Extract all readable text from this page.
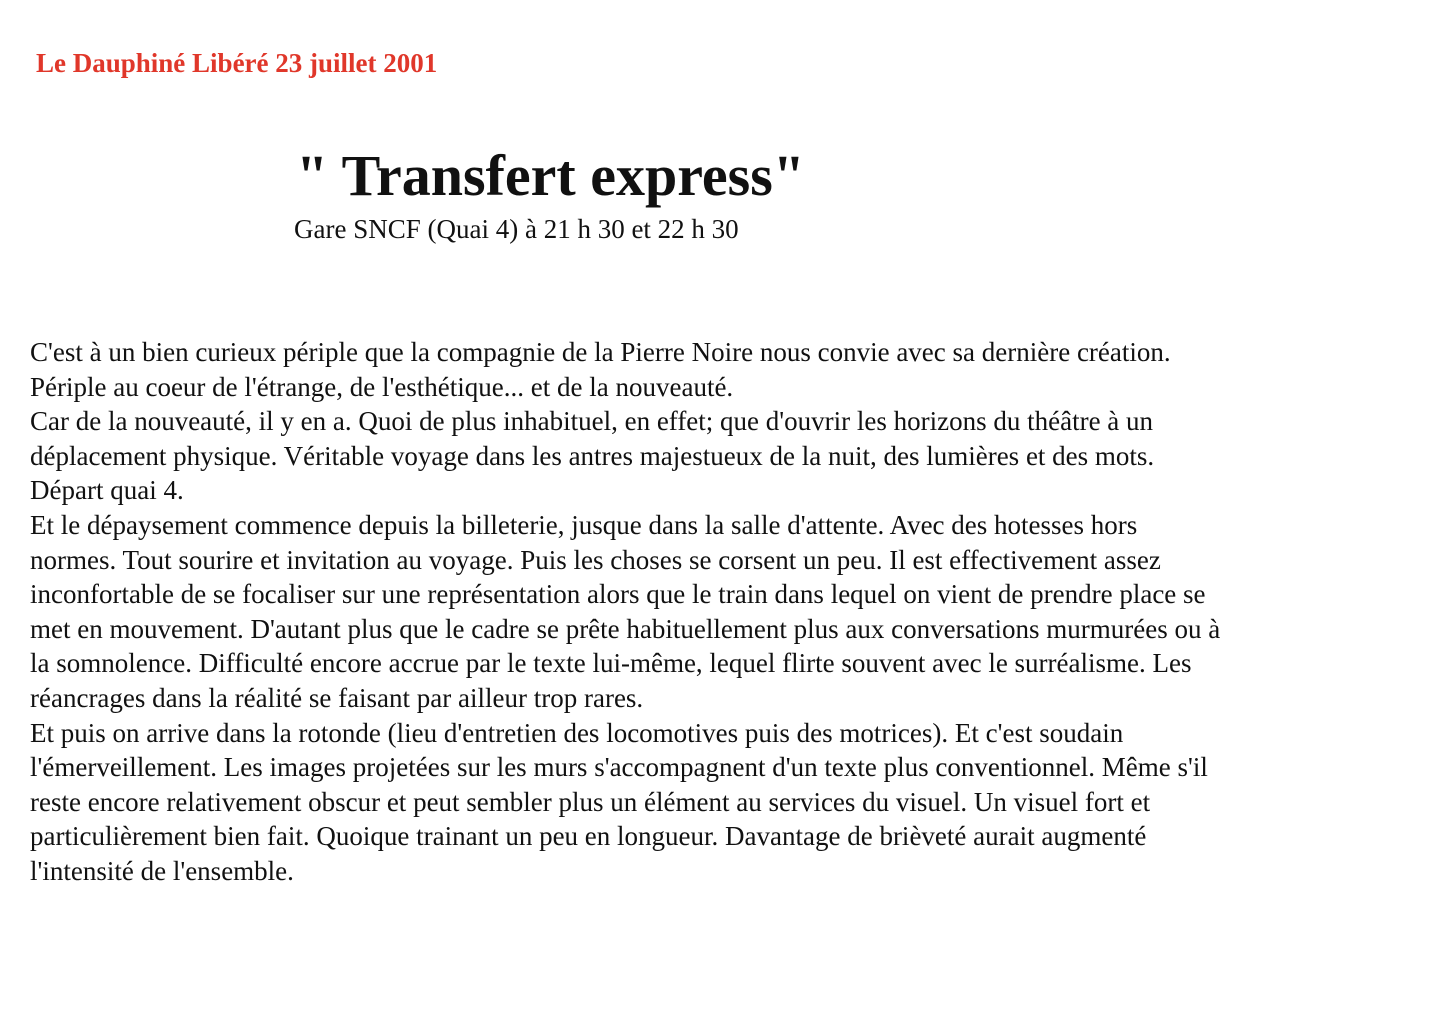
Le Dauphiné Libéré 23 juillet 2001
" Transfert express"
Gare SNCF (Quai 4) à 21 h 30 et 22 h 30

C'est à un bien curieux périple que la compagnie de la Pierre Noire nous convie avec sa dernière création. Périple au coeur de l'étrange, de l'esthétique... et de la nouveauté.

Car de la nouveauté, il y en a. Quoi de plus inhabituel, en effet; que d'ouvrir les horizons du théâtre à un déplacement physique. Véritable voyage dans les antres majestueux de la nuit, des lumières et des mots. Départ quai 4.

Et le dépaysement commence depuis la billeterie, jusque dans la salle d'attente. Avec des hotesses hors normes. Tout sourire et invitation au voyage. Puis les choses se corsent un peu. Il est effectivement assez inconfortable de se focaliser sur une représentation alors que le train dans lequel on vient de prendre place se met en mouvement. D'autant plus que le cadre se prête habituellement plus aux conversations murmurées ou à la somnolence. Difficulté encore accrue par le texte lui-même, lequel flirte souvent avec le surréalisme. Les réancrages dans la réalité se faisant par ailleur trop rares.

Et puis on arrive dans la rotonde (lieu d'entretien des locomotives puis des motrices). Et c'est soudain l'émerveillement. Les images projetées sur les murs s'accompagnent d'un texte plus conventionnel. Même s'il reste encore relativement obscur et peut sembler plus un élément au services du visuel. Un visuel fort et particulièrement bien fait. Quoique trainant un peu en longueur. Davantage de brièveté aurait augmenté l'intensité de l'ensemble.
